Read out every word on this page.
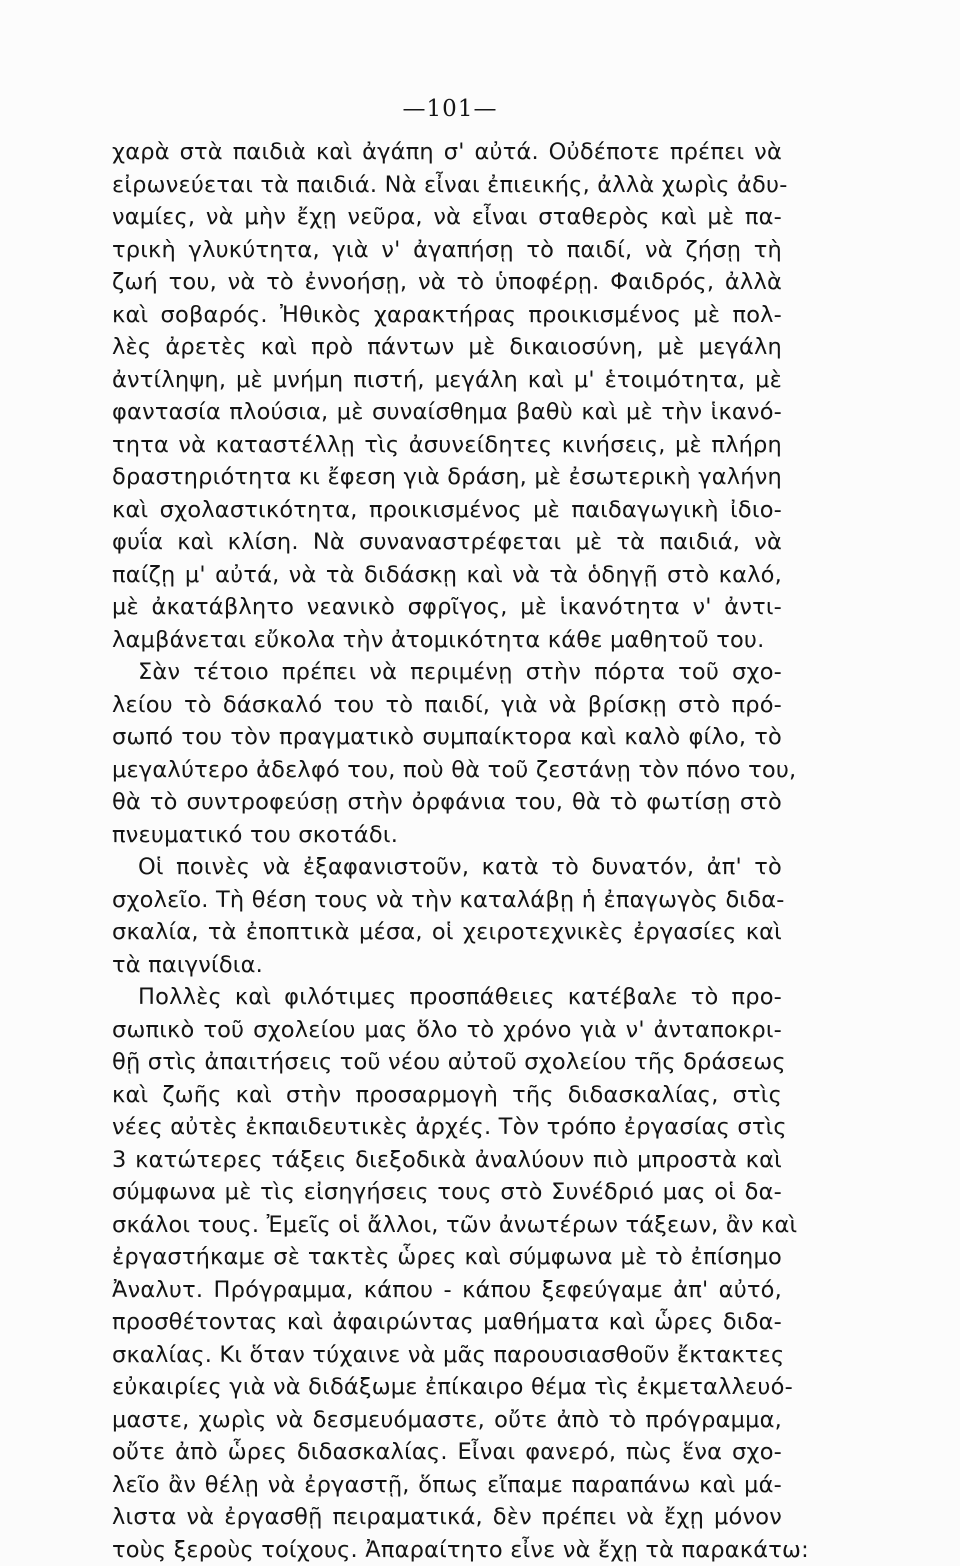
—101—
χαρὰ στὰ παιδιὰ καὶ ἀγάπη σ' αὐτά. Οὐδέποτε πρέπει νὰ
εἰρωνεύεται τὰ παιδιά. Νὰ εἶναι ἐπιεικής, ἀλλὰ χωρὶς ἀδυ-
ναμίες, νὰ μὴν ἔχῃ νεῦρα, νὰ εἶναι σταθερὸς καὶ μὲ πα-
τρικὴ γλυκύτητα, γιὰ ν' ἀγαπήσῃ τὸ παιδί, νὰ ζήσῃ τὴ
ζωή του, νὰ τὸ ἐννοήσῃ, νὰ τὸ ὑποφέρῃ. Φαιδρός, ἀλλὰ
καὶ σοβαρός. Ἠθικὸς χαρακτήρας προικισμένος μὲ πολ-
λὲς ἀρετὲς καὶ πρὸ πάντων μὲ δικαιοσύνη, μὲ μεγάλη
ἀντίληψη, μὲ μνήμη πιστή, μεγάλη καὶ μ' ἑτοιμότητα, μὲ
φαντασία πλούσια, μὲ συναίσθημα βαθὺ καὶ μὲ τὴν ἱκανό-
τητα νὰ καταστέλλῃ τὶς ἀσυνείδητες κινήσεις, μὲ πλήρη
δραστηριότητα κι ἔφεση γιὰ δράση, μὲ ἐσωτερικὴ γαλήνη
καὶ σχολαστικότητα, προικισμένος μὲ παιδαγωγικὴ ἰδιο-
φυΐα καὶ κλίση. Νὰ συναναστρέφεται μὲ τὰ παιδιά, νὰ
παίζῃ μ' αὐτά, νὰ τὰ διδάσκῃ καὶ νὰ τὰ ὁδηγῇ στὸ καλό,
μὲ ἀκατάβλητο νεανικὸ σφρῖγος, μὲ ἱκανότητα ν' ἀντι-
λαμβάνεται εὔκολα τὴν ἀτομικότητα κάθε μαθητοῦ του.
Σὰν τέτοιο πρέπει νὰ περιμένῃ στὴν πόρτα τοῦ σχο-
λείου τὸ δάσκαλό του τὸ παιδί, γιὰ νὰ βρίσκῃ στὸ πρό-
σωπό του τὸν πραγματικὸ συμπαίκτορα καὶ καλὸ φίλο, τὸ
μεγαλύτερο ἀδελφό του, ποὺ θὰ τοῦ ζεστάνῃ τὸν πόνο του,
θὰ τὸ συντροφεύσῃ στὴν ὀρφάνια του, θὰ τὸ φωτίσῃ στὸ
πνευματικό του σκοτάδι.
Οἱ ποινὲς νὰ ἐξαφανιστοῦν, κατὰ τὸ δυνατόν, ἀπ' τὸ
σχολεῖο. Τὴ θέση τους νὰ τὴν καταλάβῃ ἡ ἐπαγωγὸς διδα-
σκαλία, τὰ ἐποπτικὰ μέσα, οἱ χειροτεχνικὲς ἐργασίες καὶ
τὰ παιγνίδια.
Πολλὲς καὶ φιλότιμες προσπάθειες κατέβαλε τὸ προ-
σωπικὸ τοῦ σχολείου μας ὅλο τὸ χρόνο γιὰ ν' ἀνταποκρι-
θῇ στὶς ἀπαιτήσεις τοῦ νέου αὐτοῦ σχολείου τῆς δράσεως
καὶ ζωῆς καὶ στὴν προσαρμογὴ τῆς διδασκαλίας, στὶς
νέες αὐτὲς ἐκπαιδευτικὲς ἀρχές. Τὸν τρόπο ἐργασίας στὶς
3 κατώτερες τάξεις διεξοδικὰ ἀναλύουν πιὸ μπροστὰ καὶ
σύμφωνα μὲ τὶς εἰσηγήσεις τους στὸ Συνέδριό μας οἱ δα-
σκάλοι τους. Ἐμεῖς οἱ ἄλλοι, τῶν ἀνωτέρων τάξεων, ἂν καὶ
ἐργαστήκαμε σὲ τακτὲς ὧρες καὶ σύμφωνα μὲ τὸ ἐπίσημο
Ἀναλυτ. Πρόγραμμα, κάπου - κάπου ξεφεύγαμε ἀπ' αὐτό,
προσθέτοντας καὶ ἀφαιρώντας μαθήματα καὶ ὧρες διδα-
σκαλίας. Κι ὅταν τύχαινε νὰ μᾶς παρουσιασθοῦν ἔκτακτες
εὐκαιρίες γιὰ νὰ διδάξωμε ἐπίκαιρο θέμα τὶς ἐκμεταλλευό-
μαστε, χωρὶς νὰ δεσμευόμαστε, οὔτε ἀπὸ τὸ πρόγραμμα,
οὔτε ἀπὸ ὧρες διδασκαλίας. Εἶναι φανερό, πὼς ἕνα σχο-
λεῖο ἂν θέλῃ νὰ ἐργαστῇ, ὅπως εἴπαμε παραπάνω καὶ μά-
λιστα νὰ ἐργασθῇ πειραματικά, δὲν πρέπει νὰ ἔχῃ μόνον
τοὺς ξεροὺς τοίχους. Ἀπαραίτητο εἶνε νὰ ἔχῃ τὰ παρακάτω:
